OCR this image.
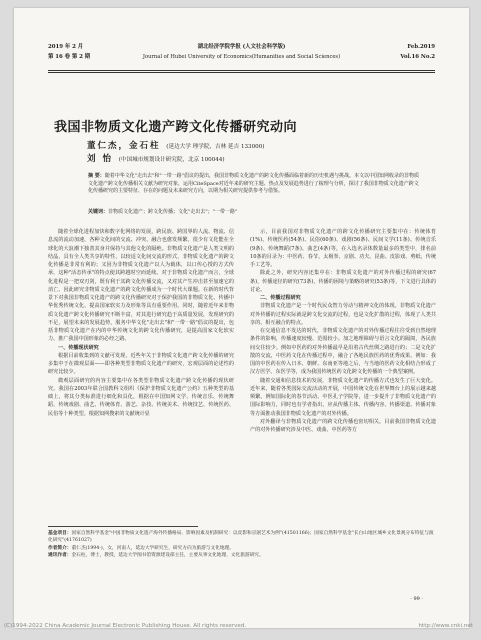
2019 年 2 月	湖北经济学院学报 (人文社会科学版)	Feb.2019
第 16 卷 第 2 期	Journal of Hubei University of Economics(Humanities and Social Sciences)	Vol.16 No.2
我国非物质文化遗产跨文化传播研究动向
董仁杰，金石柱 (延边大学 理学院，吉林 延吉 133000)
刘 怡 (中国城市规划设计研究院，北京 100044)
摘 要：随着中华文化"走出去"和"一带一路"倡议的提出，我国非物质文化遗产的跨文化传播面临着新的历史机遇与挑战。本文以中国知网收录的非物质文化遗产跨文化传播相关文献为研究对象，运用CiteSpace对近年来的研究主题、热点及发展趋势进行了梳理与分析，探讨了我国非物质文化遗产跨文化传播研究的主要特征、存在的问题及未来研究方向，以期为相关研究提供参考与借鉴。
关键词：非物质文化遗产；跨文化传播；文化"走出去"；"一带一路"

随着全球化进程加快和数字化网络的发展，跨民族、跨国界的人流、物流、信息流的流动加速，各种文化间的交流、冲突、融合也愈发频繁。很少有文化能在全球化的大浪潮下独善其身并保持与其他文化的隔绝。非物质文化遗产是人类文明的结晶，具有全人类共享的特性，以较适文化间交流的形式，非物质文化遗产的跨文化传播是非常有利的；又因为非物质文化遗产以人为载体，以口传心授的方式传承，这种"活态传承"的特点使其跨越时空而延续。对于非物质文化遗产而言，全球化进程是一把双刃剑，既有利于其跨文化传播交流，又对其产生冲击甚至加速它的消亡。因此研究非物质文化遗产的跨文化传播成为一个时代大课题。在新的时代背景下对我国非物质文化遗产的跨文化传播研究对于保护我国的非物质文化、传播中华优秀传统文化、提高国家软实力及形象等具有重要作用。同时，随着近年来非物质文化遗产跨文化传播研究不断丰富，对其进行研究趋于高质量发展，发现研究的不足，展望未来的发展趋势，服务中华文化"走出去"和"一带一路"倡议的提出，包括非物质文化遗产在内的中华传统文化的跨文化传播研究，是提高国家文化软实力、推广我国中国形象的必经之路。

一、传播现状研究

根据目前收集到的文献可发现，近些年关于非物质文化遗产跨文化传播的研究多集中于在微观层面——即各种类型非物质文化遗产的研究，宏观层面的论述性的研究比较少。

微观层面研究的内容主要集中在各类型非物质文化遗产跨文化传播的现状研究。我国在2003年联合国教科文组织《保护非物质文化遗产公约》五种类型的基础上，将其分类标准进行细化和具化，根据在中国知网文学、传统音乐、传统舞蹈、传统戏剧、曲艺、传统体育、游艺、杂技、传统美术、传统技艺、传统医药、民俗等十种类型。根据知网搜索的文献统计显

示，目前我国对非物质文化遗产的跨文化传播研究主要集中在：传统体育(1%)、传统医药(54条)、民俗(60条)、戏剧(56条)、民间文学(11条)、传统音乐(9条)、传统舞蹈(7条)、曲艺(4条)等，在入选名录体数量最多的类型中，排名前10条的目录为：中医药、春节、太极拳、京剧、功夫、昆曲、皮影戏、剪纸、传统手工艺等。

除此之外，研究内容还集中在：非物质文化遗产的对外传播过程的研究(67条)，传播途径的研究(73条)，传播的困境与策略的研究(53条)等，下文进行具体的讨论。

二、传播过程研究

非物质文化遗产是一个时代民众智力劳动与精神文化的体现。非物质文化遗产对外传播的过程实际就是跨文化交流的过程，也是文化扩散的过程，体现了人类共享的、相互融合的特点。

在交通信息不发达的时代，非物质文化遗产的对外传播过程往往受到自然地理条件的影响，传播速度较慢、范围较小。加之地理障碍与语言文化的隔阂，各民族间交往较少。例如中医药的对外传播最早是沿着古代丝绸之路进行的；二是文化扩散的交流，中医药文化在传播过程中，融合了各地民族医药的优秀成果。例如：我国的中医药在传入日本、朝鲜、东南亚等地之后，与当地的医药文化相结合形成了汉方医学、东医学等，成为我国传统医药文化跨文化传播的一个典型案例。

随着交通和信息技术的发展，非物质文化遗产的传播方式也发生了巨大变化。近年来，随着各类国际交流活动的开展，中国传统文化在世界舞台上的展示越来越频繁。例如国际化的春节活动、中医孔子学院等，进一步提升了非物质文化遗产的国际影响力，同时也有学者指出，应从传播主体、传播内容、传播渠道、传播对象等方面推动我国非物质文化遗产的对外传播。

对外翻译与非物质文化遗产的跨文化传播也密切相关。目前我国非物质文化遗产的对外传播研究涉及中医、戏曲、中医药等方

基金项目：国家自然科学基金"中国非物质文化遗产海外传播格局、影响因素及机制研究：以皮影和京剧艺术为例"(41501166)；国家自然科学基金"长白山地区城乡文化景观分布特征与演化研究"(41761027)
作者简介：董仁杰(1994-)，女，河南人，延边大学研究生，研究方向为旅游与文化地理。
通讯作者：金石柱，博士，教授，延边大学图书馆资源建设部主任，主要从事文化地理、文化旅游研究。
· 99 ·
(C)1994-2022 China Academic Journal Electronic Publishing House. All rights reserved.	http://www.cnki.net
